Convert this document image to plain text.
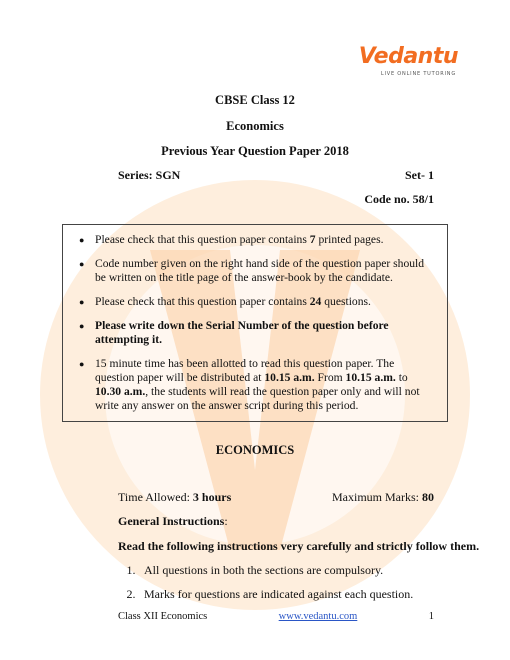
Vedantu
LIVE ONLINE TUTORING
CBSE Class 12
Economics
Previous Year Question Paper 2018
Series: SGN	Set- 1
Code no. 58/1
● Please check that this question paper contains 7 printed pages.
● Code number given on the right hand side of the question paper should be written on the title page of the answer-book by the candidate.
● Please check that this question paper contains 24 questions.
● Please write down the Serial Number of the question before attempting it.
● 15 minute time has been allotted to read this question paper. The question paper will be distributed at 10.15 a.m. From 10.15 a.m. to 10.30 a.m., the students will read the question paper only and will not write any answer on the answer script during this period.
ECONOMICS
Time Allowed: 3 hours	Maximum Marks: 80
General Instructions:
Read the following instructions very carefully and strictly follow them.
1. All questions in both the sections are compulsory.
2. Marks for questions are indicated against each question.
Class XII Economics	www.vedantu.com	1
